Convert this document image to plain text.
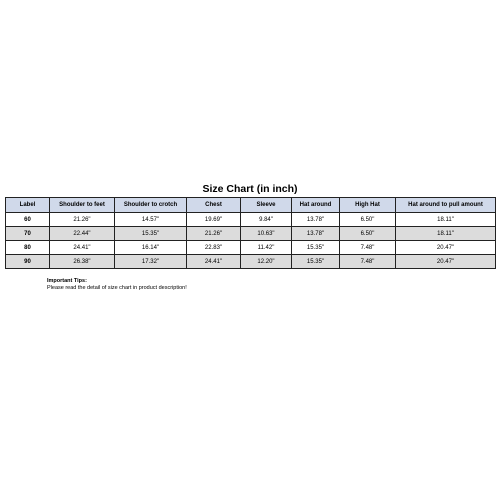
Size Chart (in inch)
Label	Shoulder to feet	Shoulder to crotch	Chest	Sleeve	Hat around	High Hat	Hat around to pull amount
60	21.26"	14.57"	19.69"	9.84"	13.78"	6.50"	18.11"
70	22.44"	15.35"	21.26"	10.63"	13.78"	6.50"	18.11"
80	24.41"	16.14"	22.83"	11.42"	15.35"	7.48"	20.47"
90	26.38"	17.32"	24.41"	12.20"	15.35"	7.48"	20.47"
Important Tips:
Please read the detail of size chart in product description!
